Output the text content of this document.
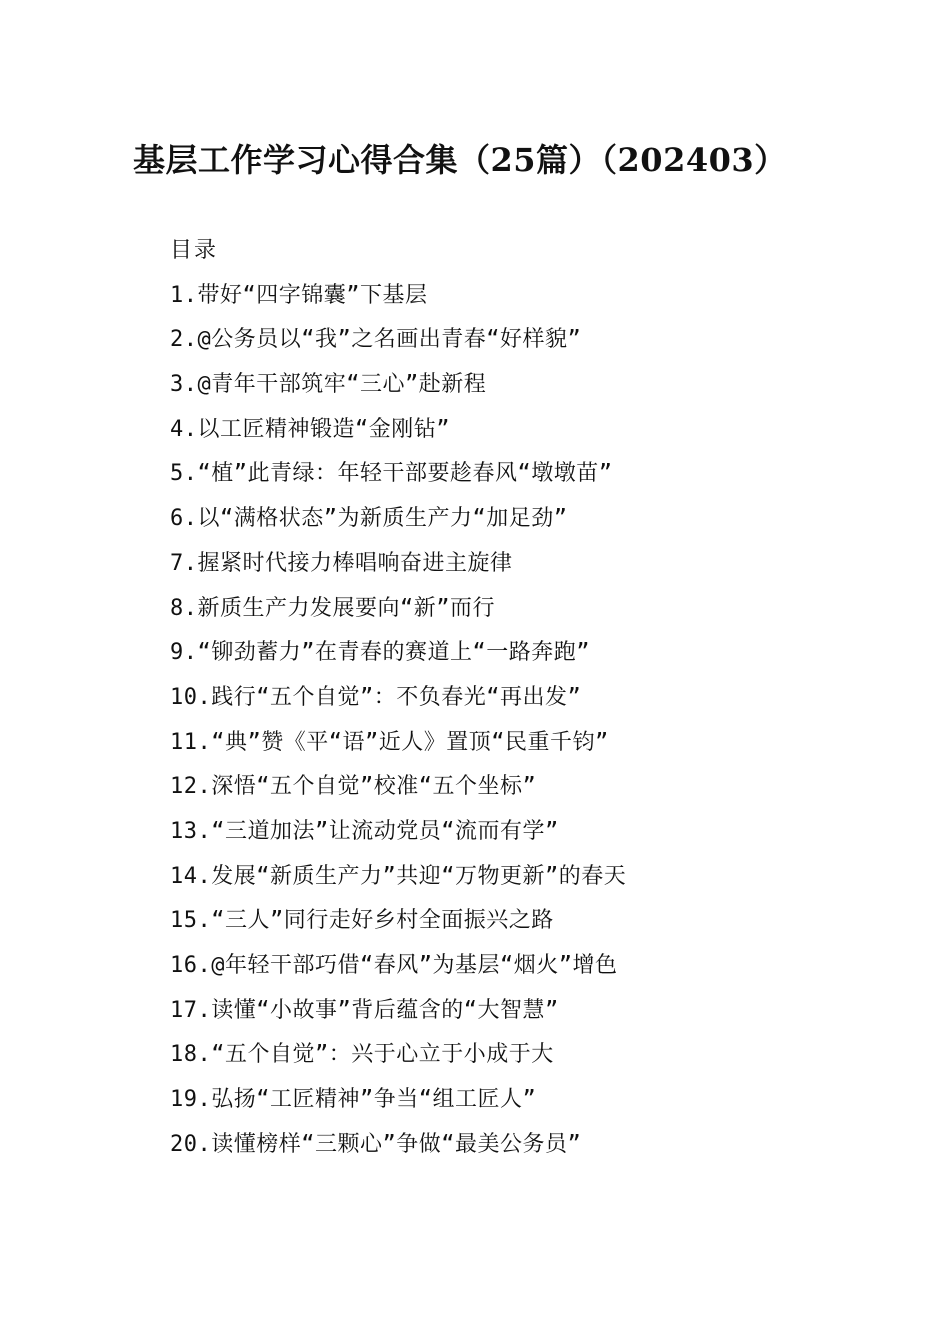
基层工作学习心得合集（25篇）（202403）
目录
1.带好“四字锦囊”下基层
2.@公务员以“我”之名画出青春“好样貌”
3.@青年干部筑牢“三心”赴新程
4.以工匠精神锻造“金刚钻”
5.“植”此青绿：年轻干部要趁春风“墩墩苗”
6.以“满格状态”为新质生产力“加足劲”
7.握紧时代接力棒唱响奋进主旋律
8.新质生产力发展要向“新”而行
9.“铆劲蓄力”在青春的赛道上“一路奔跑”
10.践行“五个自觉”：不负春光“再出发”
11.“典”赞《平“语”近人》置顶“民重千钧”
12.深悟“五个自觉”校准“五个坐标”
13.“三道加法”让流动党员“流而有学”
14.发展“新质生产力”共迎“万物更新”的春天
15.“三人”同行走好乡村全面振兴之路
16.@年轻干部巧借“春风”为基层“烟火”增色
17.读懂“小故事”背后蕴含的“大智慧”
18.“五个自觉”：兴于心立于小成于大
19.弘扬“工匠精神”争当“组工匠人”
20.读懂榜样“三颗心”争做“最美公务员”
